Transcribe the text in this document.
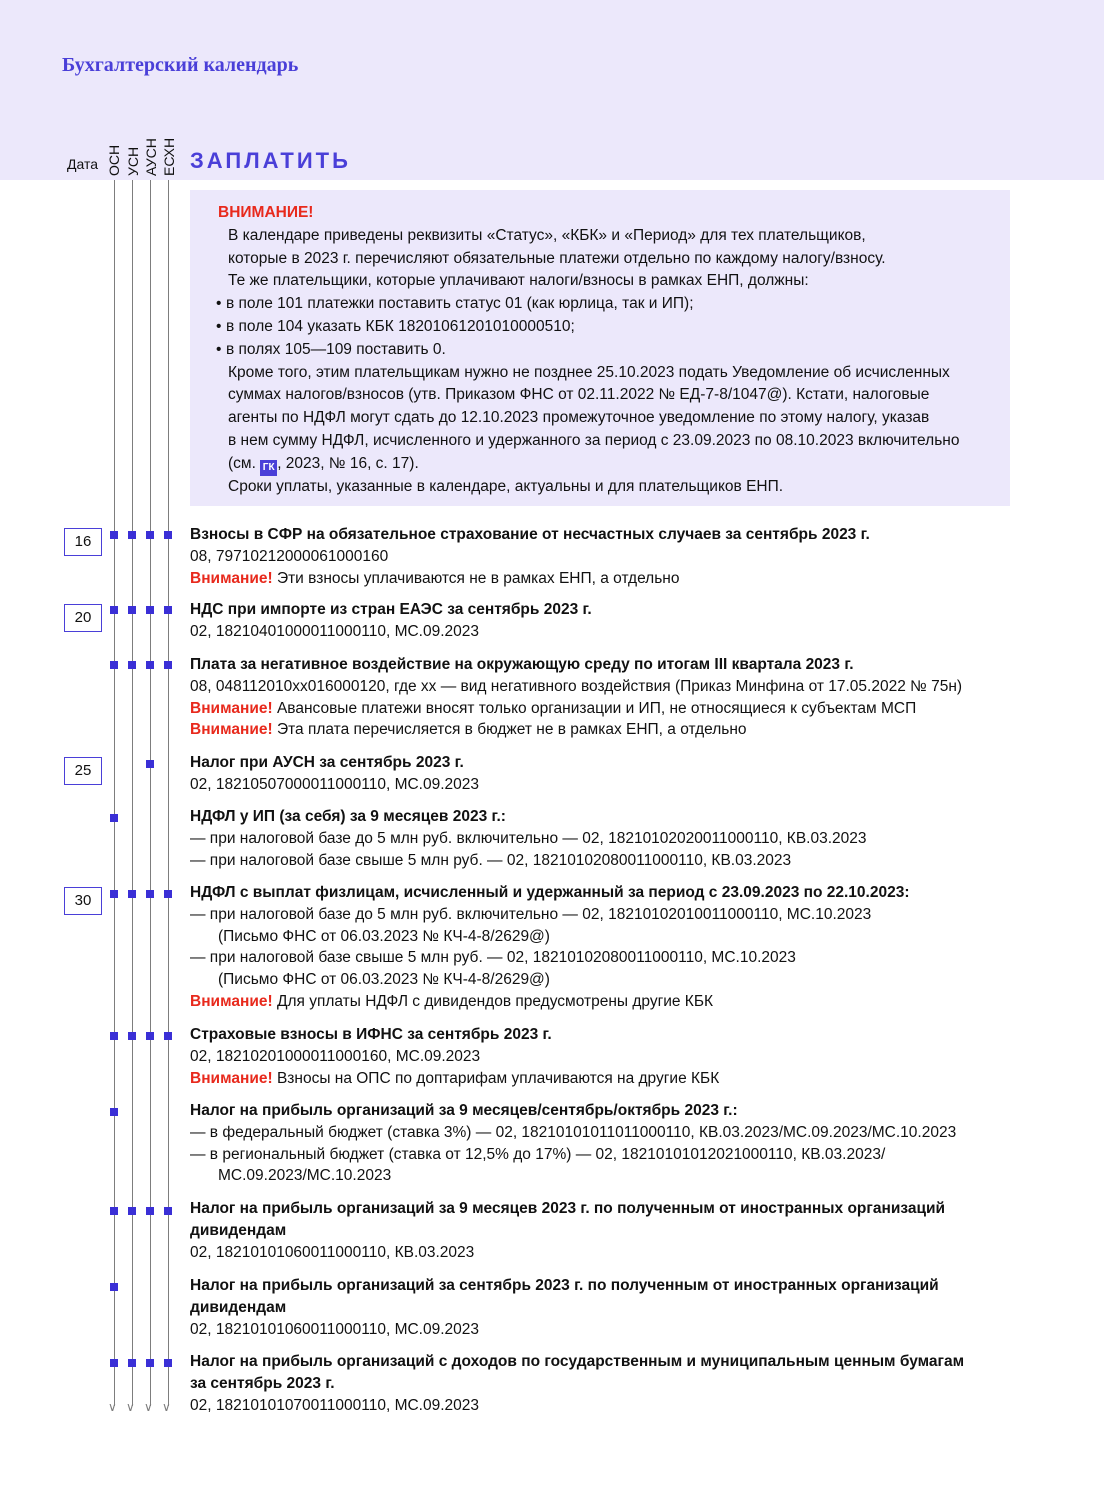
Бухгалтерский календарь
Дата ОСН УСН АУСН ЕСХН ЗАПЛАТИТЬ
∨ ∨ ∨ ∨
ВНИМАНИЕ!
В календаре приведены реквизиты «Статус», «КБК» и «Период» для тех плательщиков,
которые в 2023 г. перечисляют обязательные платежи отдельно по каждому налогу/взносу.
Те же плательщики, которые уплачивают налоги/взносы в рамках ЕНП, должны:
• в поле 101 платежки поставить статус 01 (как юрлица, так и ИП);
• в поле 104 указать КБК 18201061201010000510;
• в полях 105—109 поставить 0.
Кроме того, этим плательщикам нужно не позднее 25.10.2023 подать Уведомление об исчисленных
суммах налогов/взносов (утв. Приказом ФНС от 02.11.2022 № ЕД-7-8/1047@). Кстати, налоговые
агенты по НДФЛ могут сдать до 12.10.2023 промежуточное уведомление по этому налогу, указав
в нем сумму НДФЛ, исчисленного и удержанного за период с 23.09.2023 по 08.10.2023 включительно
(см. ГК , 2023, № 16, с. 17).
Сроки уплаты, указанные в календаре, актуальны и для плательщиков ЕНП.
16
20
25
30
Взносы в СФР на обязательное страхование от несчастных случаев за сентябрь 2023 г.
08, 79710212000061000160
Внимание! Эти взносы уплачиваются не в рамках ЕНП, а отдельно
НДС при импорте из стран ЕАЭС за сентябрь 2023 г.
02, 18210401000011000110, МС.09.2023
Плата за негативное воздействие на окружающую среду по итогам III квартала 2023 г.
08, 048112010хх016000120, где хх — вид негативного воздействия (Приказ Минфина от 17.05.2022 № 75н)
Внимание! Авансовые платежи вносят только организации и ИП, не относящиеся к субъектам МСП
Внимание! Эта плата перечисляется в бюджет не в рамках ЕНП, а отдельно
Налог при АУСН за сентябрь 2023 г.
02, 18210507000011000110, МС.09.2023
НДФЛ у ИП (за себя) за 9 месяцев 2023 г.:
— при налоговой базе до 5 млн руб. включительно — 02, 18210102020011000110, КВ.03.2023
— при налоговой базе свыше 5 млн руб. — 02, 18210102080011000110, КВ.03.2023
НДФЛ с выплат физлицам, исчисленный и удержанный за период с 23.09.2023 по 22.10.2023:
— при налоговой базе до 5 млн руб. включительно — 02, 18210102010011000110, МС.10.2023
(Письмо ФНС от 06.03.2023 № КЧ-4-8/2629@)
— при налоговой базе свыше 5 млн руб. — 02, 18210102080011000110, МС.10.2023
(Письмо ФНС от 06.03.2023 № КЧ-4-8/2629@)
Внимание! Для уплаты НДФЛ с дивидендов предусмотрены другие КБК
Страховые взносы в ИФНС за сентябрь 2023 г.
02, 18210201000011000160, МС.09.2023
Внимание! Взносы на ОПС по доптарифам уплачиваются на другие КБК
Налог на прибыль организаций за 9 месяцев/сентябрь/октябрь 2023 г.:
— в федеральный бюджет (ставка 3%) — 02, 18210101011011000110, КВ.03.2023/МС.09.2023/МС.10.2023
— в региональный бюджет (ставка от 12,5% до 17%) — 02, 18210101012021000110, КВ.03.2023/
МС.09.2023/МС.10.2023
Налог на прибыль организаций за 9 месяцев 2023 г. по полученным от иностранных организаций
дивидендам
02, 18210101060011000110, КВ.03.2023
Налог на прибыль организаций за сентябрь 2023 г. по полученным от иностранных организаций
дивидендам
02, 18210101060011000110, МС.09.2023
Налог на прибыль организаций с доходов по государственным и муниципальным ценным бумагам
за сентябрь 2023 г.
02, 18210101070011000110, МС.09.2023
